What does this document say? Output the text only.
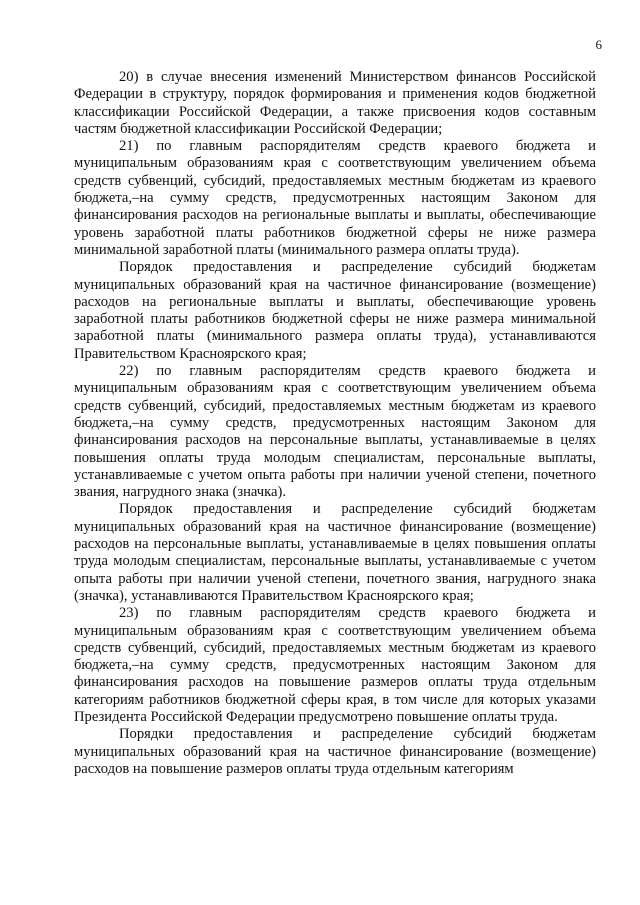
6

20) в случае внесения изменений Министерством финансов Российской Федерации в структуру, порядок формирования и применения кодов бюджетной классификации Российской Федерации, а также присвоения кодов составным частям бюджетной классификации Российской Федерации;

21) по главным распорядителям средств краевого бюджета и муниципальным образованиям края с соответствующим увеличением объема средств субвенций, субсидий, предоставляемых местным бюджетам из краевого бюджета,–на сумму средств, предусмотренных настоящим Законом для финансирования расходов на региональные выплаты и выплаты, обеспечивающие уровень заработной платы работников бюджетной сферы не ниже размера минимальной заработной платы (минимального размера оплаты труда).

Порядок предоставления и распределение субсидий бюджетам муниципальных образований края на частичное финансирование (возмещение) расходов на региональные выплаты и выплаты, обеспечивающие уровень заработной платы работников бюджетной сферы не ниже размера минимальной заработной платы (минимального размера оплаты труда), устанавливаются Правительством Красноярского края;

22) по главным распорядителям средств краевого бюджета и муниципальным образованиям края с соответствующим увеличением объема средств субвенций, субсидий, предоставляемых местным бюджетам из краевого бюджета,–на сумму средств, предусмотренных настоящим Законом для финансирования расходов на персональные выплаты, устанавливаемые в целях повышения оплаты труда молодым специалистам, персональные выплаты, устанавливаемые с учетом опыта работы при наличии ученой степени, почетного звания, нагрудного знака (значка).

Порядок предоставления и распределение субсидий бюджетам муниципальных образований края на частичное финансирование (возмещение) расходов на персональные выплаты, устанавливаемые в целях повышения оплаты труда молодым специалистам, персональные выплаты, устанавливаемые с учетом опыта работы при наличии ученой степени, почетного звания, нагрудного знака (значка), устанавливаются Правительством Красноярского края;

23) по главным распорядителям средств краевого бюджета и муниципальным образованиям края с соответствующим увеличением объема средств субвенций, субсидий, предоставляемых местным бюджетам из краевого бюджета,–на сумму средств, предусмотренных настоящим Законом для финансирования расходов на повышение размеров оплаты труда отдельным категориям работников бюджетной сферы края, в том числе для которых указами Президента Российской Федерации предусмотрено повышение оплаты труда.

Порядки предоставления и распределение субсидий бюджетам муниципальных образований края на частичное финансирование (возмещение) расходов на повышение размеров оплаты труда отдельным категориям
